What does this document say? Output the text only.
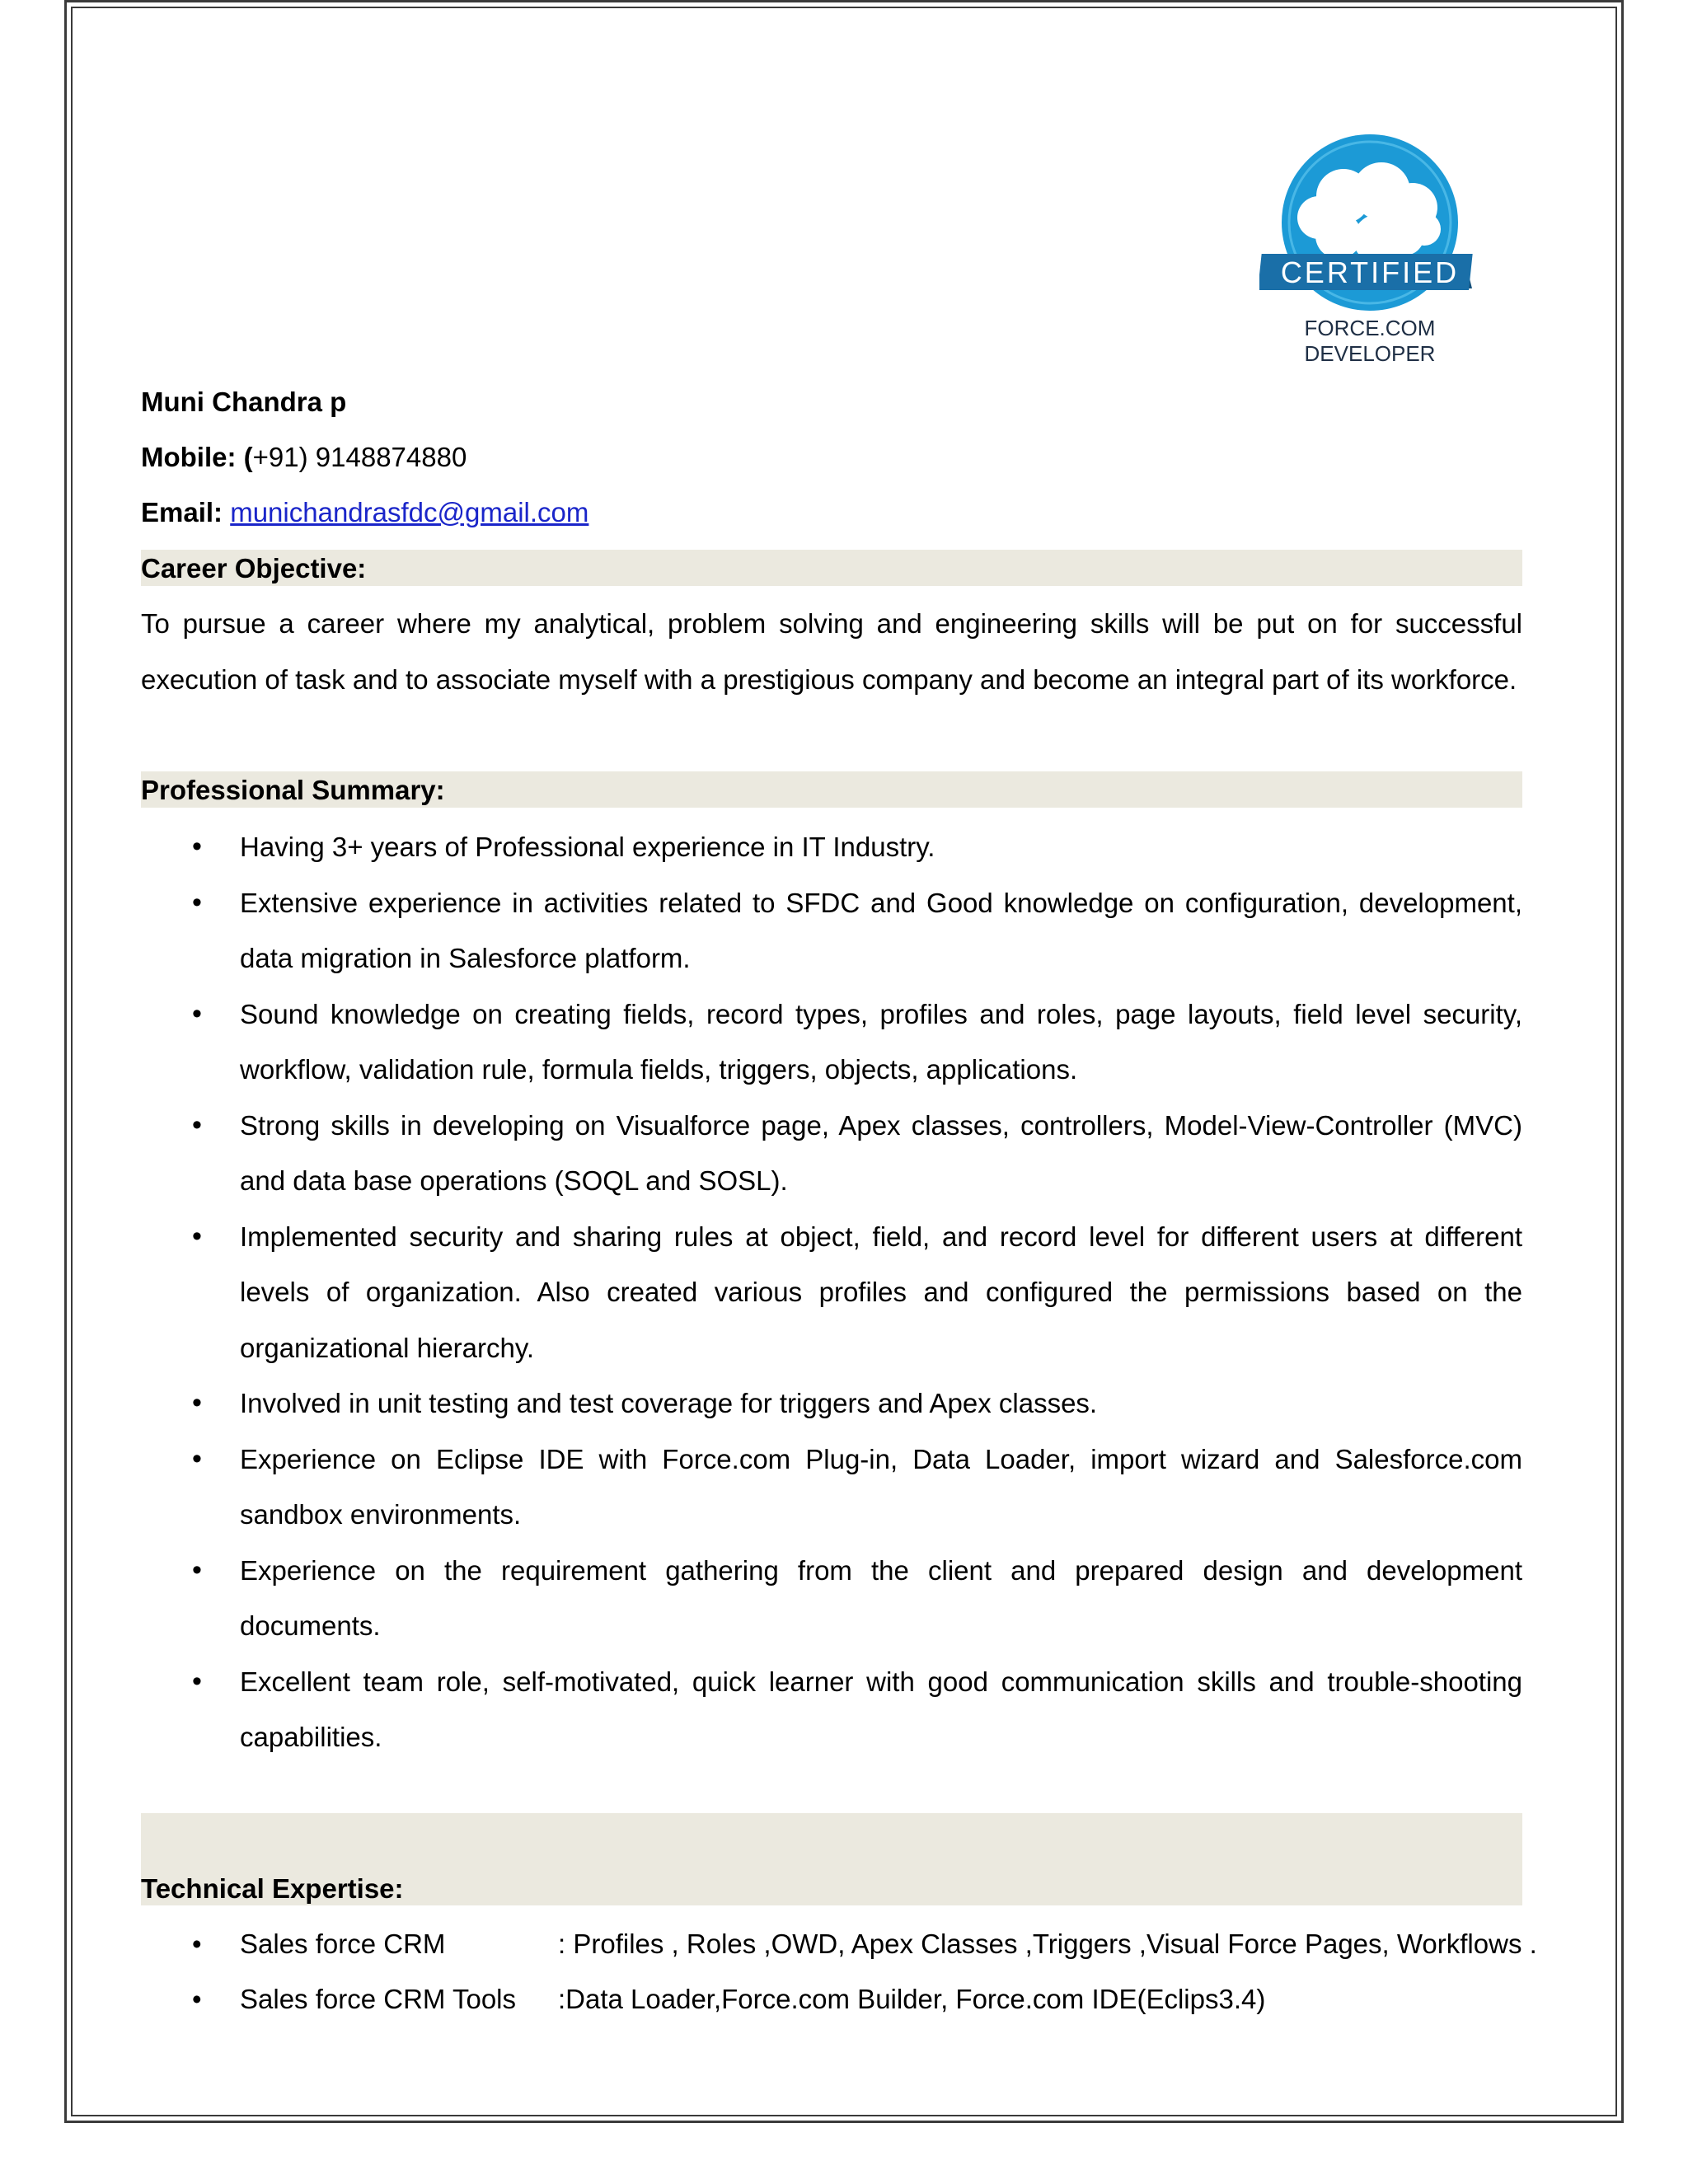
CERTIFIED
FORCE.COM
DEVELOPER
Muni Chandra p
Mobile: (+91) 9148874880
Email: munichandrasfdc@gmail.com
Career Objective:
To pursue a career where my analytical, problem solving and engineering skills will be put on for successful execution of task and to associate myself with a prestigious company and become an integral part of its workforce.
Professional Summary:
• Having 3+ years of Professional experience in IT Industry.
• Extensive experience in activities related to SFDC and Good knowledge on configuration, development, data migration in Salesforce platform.
• Sound knowledge on creating fields, record types, profiles and roles, page layouts, field level security, workflow, validation rule, formula fields, triggers, objects, applications.
• Strong skills in developing on Visualforce page, Apex classes, controllers, Model-View-Controller (MVC) and data base operations (SOQL and SOSL).
• Implemented security and sharing rules at object, field, and record level for different users at different levels of organization. Also created various profiles and configured the permissions based on the organizational hierarchy.
• Involved in unit testing and test coverage for triggers and Apex classes.
• Experience on Eclipse IDE with Force.com Plug-in, Data Loader, import wizard and Salesforce.com sandbox environments.
• Experience on the requirement gathering from the client and prepared design and development documents.
• Excellent team role, self-motivated, quick learner with good communication skills and trouble-shooting capabilities.
Technical Expertise:
• Sales force CRM	: Profiles , Roles ,OWD, Apex Classes ,Triggers ,Visual Force Pages, Workflows .
• Sales force CRM Tools :Data Loader,Force.com Builder, Force.com IDE(Eclips3.4)
